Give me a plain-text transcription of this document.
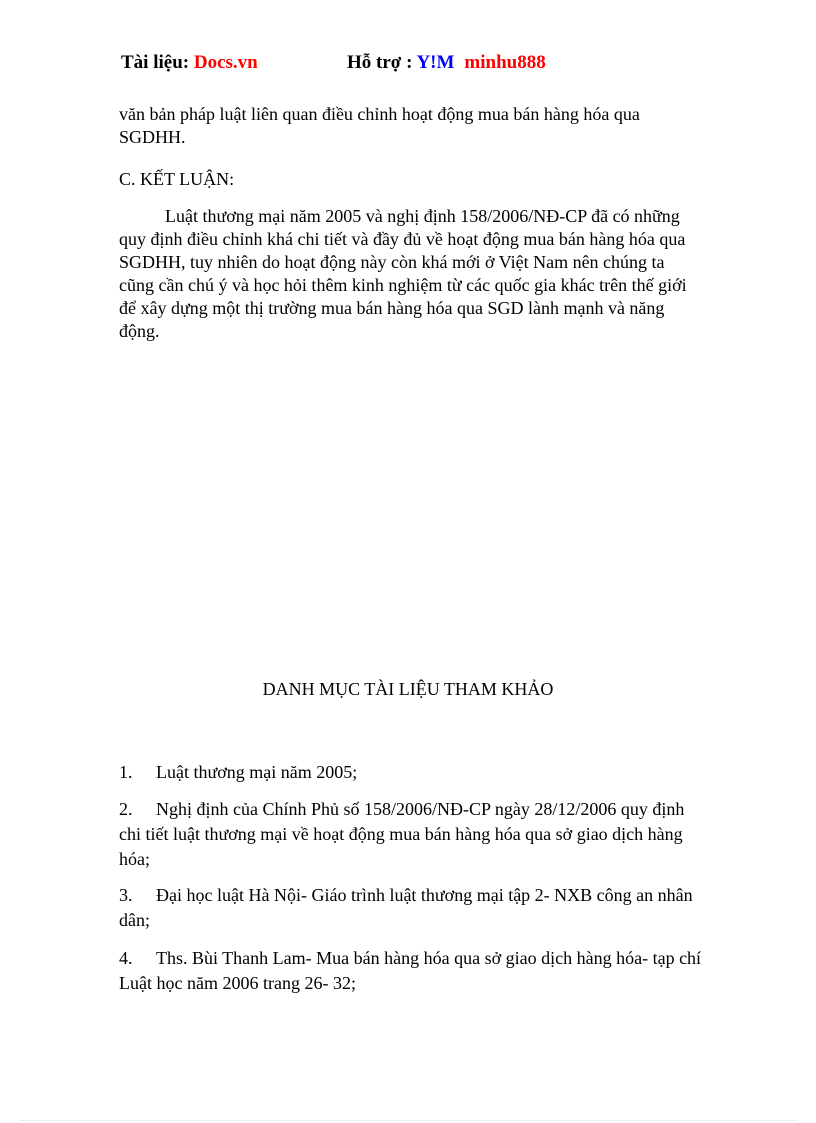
Tài liệu: Docs.vn	Hỗ trợ : Y!M minhu888
văn bản pháp luật liên quan điều chỉnh hoạt động mua bán hàng hóa qua SGDHH.
C. KẾT LUẬN:
Luật thương mại năm 2005 và nghị định 158/2006/NĐ-CP đã có những quy định điều chỉnh khá chi tiết và đầy đủ về hoạt động mua bán hàng hóa qua SGDHH, tuy nhiên do hoạt động này còn khá mới ở Việt Nam nên chúng ta cũng cần chú ý và học hỏi thêm kinh nghiệm từ các quốc gia khác trên thế giới để xây dựng một thị trường mua bán hàng hóa qua SGD lành mạnh và năng động.
DANH MỤC TÀI LIỆU THAM KHẢO
1. Luật thương mại năm 2005;
2. Nghị định của Chính Phủ số 158/2006/NĐ-CP ngày 28/12/2006 quy định chi tiết luật thương mại về hoạt động mua bán hàng hóa qua sở giao dịch hàng hóa;
3. Đại học luật Hà Nội- Giáo trình luật thương mại tập 2- NXB công an nhân dân;
4. Ths. Bùi Thanh Lam- Mua bán hàng hóa qua sở giao dịch hàng hóa- tạp chí Luật học năm 2006 trang 26- 32;
